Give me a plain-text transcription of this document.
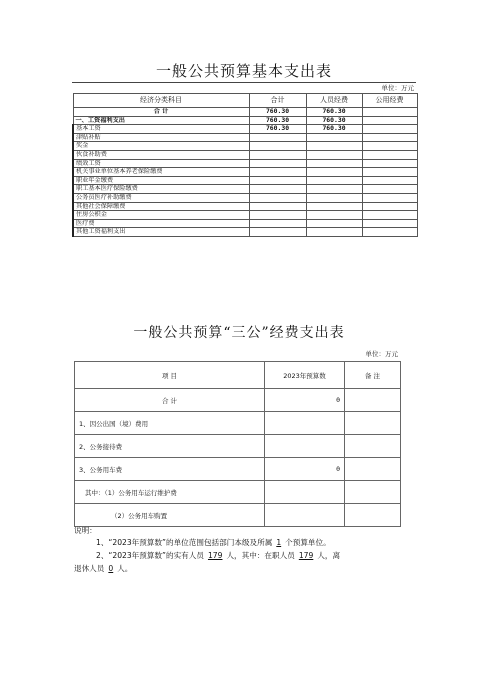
一般公共预算基本支出表
单位：万元
经济分类科目	合计	人员经费	公用经费
合 计	760.30	760.30	
一、工资福利支出	760.30	760.30	
基本工资	760.30	760.30	
津贴补贴			
奖金			
伙食补助费			
绩效工资			
机关事业单位基本养老保险缴费			
职业年金缴费			
职工基本医疗保险缴费			
公务员医疗补助缴费			
其他社会保障缴费			
住房公积金			
医疗费			
其他工资福利支出			
一般公共预算“三公”经费支出表
单位：万元
项 目	2023年预算数	备 注
合 计	0	
1、因公出国（境）费用		
2、公务接待费		
3、公务用车费	0	
其中：（1）公务用车运行维护费		
（2）公务用车购置		
说明：
1、“2023年预算数”的单位范围包括部门本级及所属 1 个预算单位。
2、“2023年预算数”的实有人员 179 人，其中：在职人员 179 人，离
退休人员 0 人。
